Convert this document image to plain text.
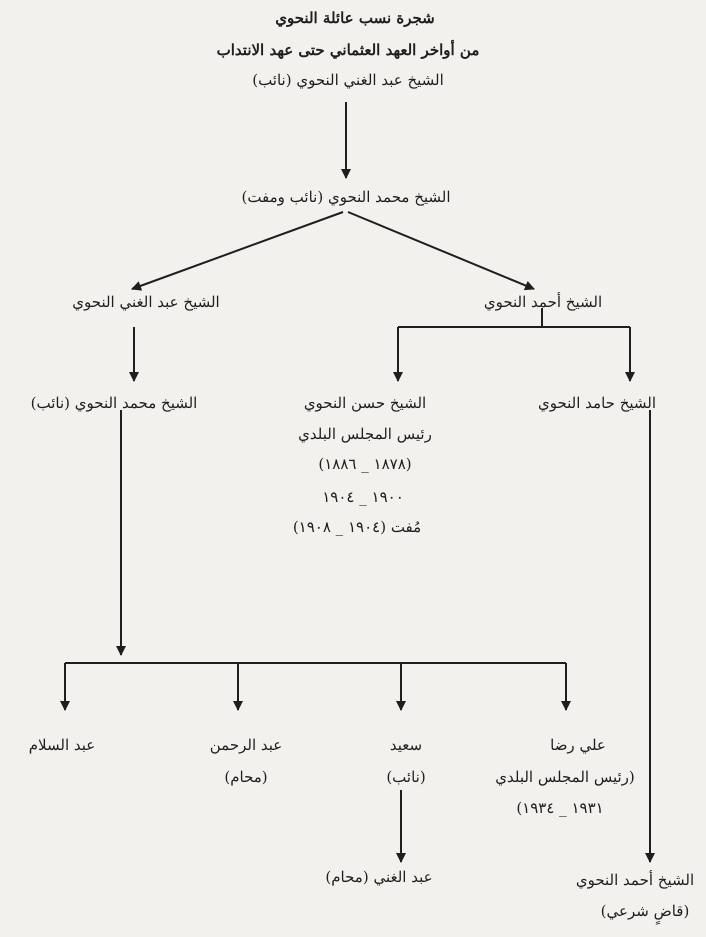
شجرة نسب عائلة النحوي
من أواخر العهد العثماني حتى عهد الانتداب
الشيخ عبد الغني النحوي (نائب)
الشيخ محمد النحوي (نائب ومفت)
الشيخ عبد الغني النحوي	الشيخ أحمد النحوي
الشيخ محمد النحوي (نائب)	الشيخ حسن النحوي
رئيس المجلس البلدي
(١٨٧٨ _ ١٨٨٦)
١٩٠٠ _ ١٩٠٤
مُفت (١٩٠٤ _ ١٩٠٨)
الشيخ حامد النحوي
عبد السلام	عبد الرحمن
(محام)
سعيد
(نائب)
علي رضا
(رئيس المجلس البلدي
١٩٣١ _ ١٩٣٤)
عبد الغني (محام)	الشيخ أحمد النحوي
(قاضٍ شرعي)
